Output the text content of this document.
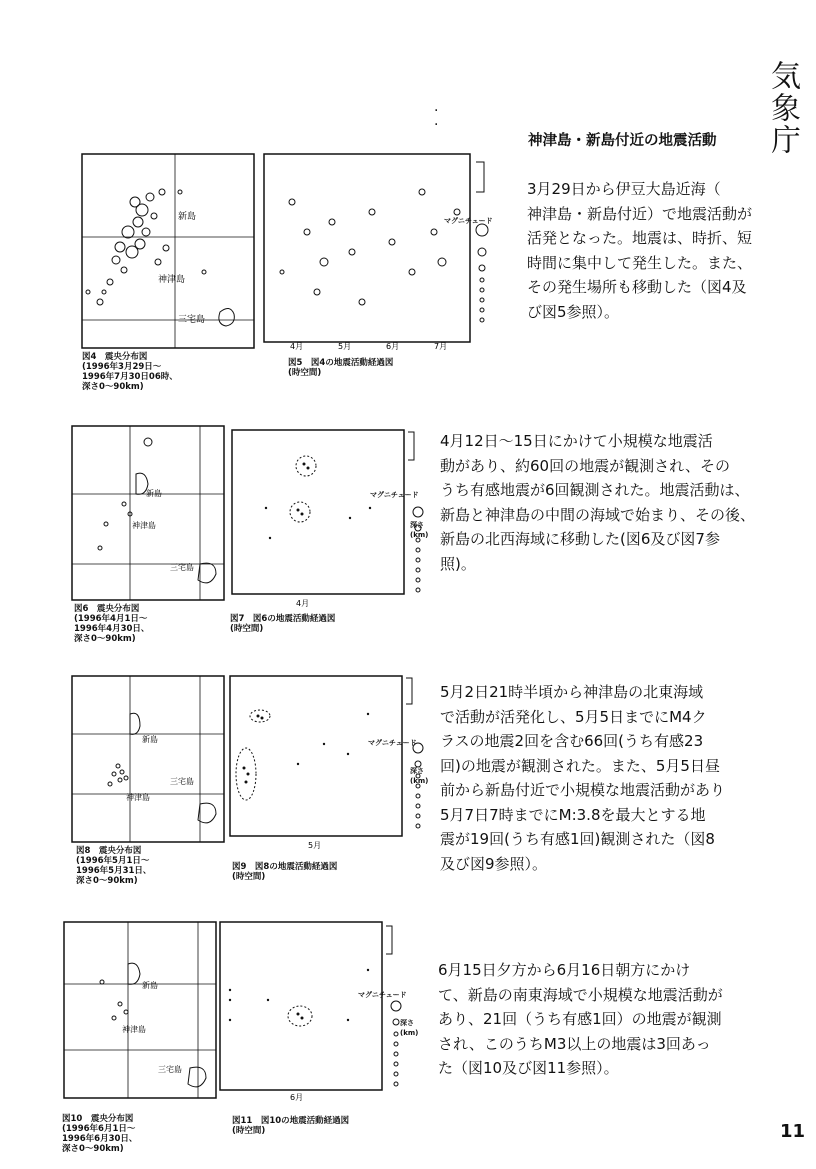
気象庁
·
·
神津島・新島付近の地震活動
新島
神津島
三宅島
4月	5月	6月	7月
マグニチュード

3月29日から伊豆大島近海（
神津島・新島付近）で地震活動が
活発となった。地震は、時折、短
時間に集中して発生した。また、
その発生場所も移動した（図4及
び図5参照）。

図4　震央分布図
(1996年3月29日～
1996年7月30日06時、
深さ0～90km)
図5　図4の地震活動経過図
(時空間)
新島
神津島
三宅島
4月
マグニチュード
深さ
(km)

4月12日～15日にかけて小規模な地震活
動があり、約60回の地震が観測され、その
うち有感地震が6回観測された。地震活動は、
新島と神津島の中間の海域で始まり、その後、
新島の北西海域に移動した(図6及び図7参
照)。

図6　震央分布図
(1996年4月1日～
1996年4月30日、
深さ0～90km)
図7　図6の地震活動経過図
(時空間)
新島
三宅島
神津島
5月
マグニチュード
深さ
(km)

5月2日21時半頃から神津島の北東海域
で活動が活発化し、5月5日までにM4ク
ラスの地震2回を含む66回(うち有感23
回)の地震が観測された。また、5月5日昼
前から新島付近で小規模な地震活動があり
5月7日7時までにM:3.8を最大とする地
震が19回(うち有感1回)観測された（図8
及び図9参照）。

図8　震央分布図
(1996年5月1日～
1996年5月31日、
深さ0～90km)
図9　図8の地震活動経過図
(時空間)
新島
神津島
三宅島
6月
マグニチュード
深さ
(km)

6月15日夕方から6月16日朝方にかけ
て、新島の南東海域で小規模な地震活動が
あり、21回（うち有感1回）の地震が観測
され、このうちM3以上の地震は3回あっ
た（図10及び図11参照）。

図10　震央分布図
(1996年6月1日～
1996年6月30日、
深さ0～90km)
図11　図10の地震活動経過図
(時空間)	11
